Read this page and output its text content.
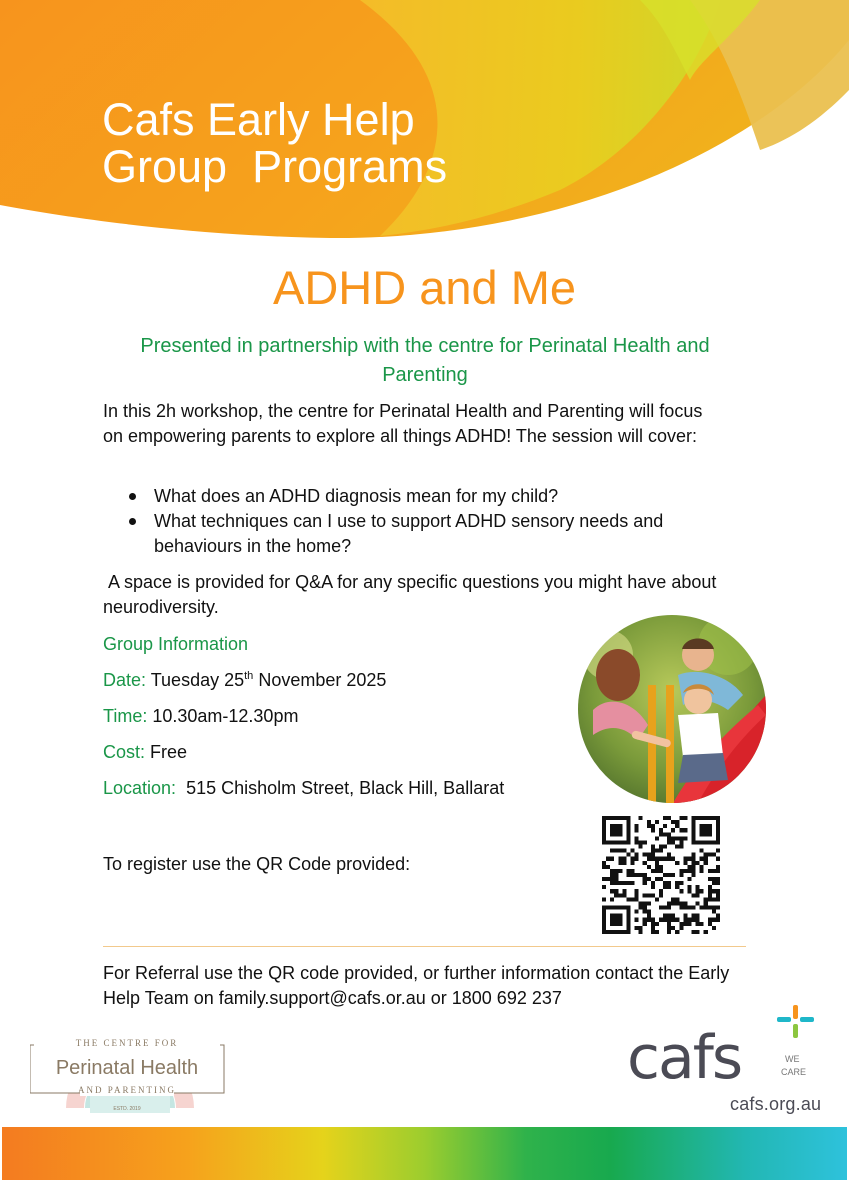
Cafs Early Help
Group  Programs
ADHD and Me

Presented in partnership with the centre for Perinatal Health and Parenting

In this 2h workshop, the centre for Perinatal Health and Parenting will focus on empowering parents to explore all things ADHD! The session will cover:

What does an ADHD diagnosis mean for my child?
What techniques can I use to support ADHD sensory needs and behaviours in the home?

A space is provided for Q&A for any specific questions you might have about neurodiversity.

Group Information

Date: Tuesday 25th November 2025

Time: 10.30am-12.30pm

Cost: Free

Location: 515 Chisholm Street, Black Hill, Ballarat

To register use the QR Code provided:

For Referral use the QR code provided, or further information contact the Early Help Team on family.support@cafs.or.au or 1800 692 237

THE CENTRE FOR
Perinatal Health
AND PARENTING
ESTD. 2019
cafs	WE
CARE

cafs.org.au
